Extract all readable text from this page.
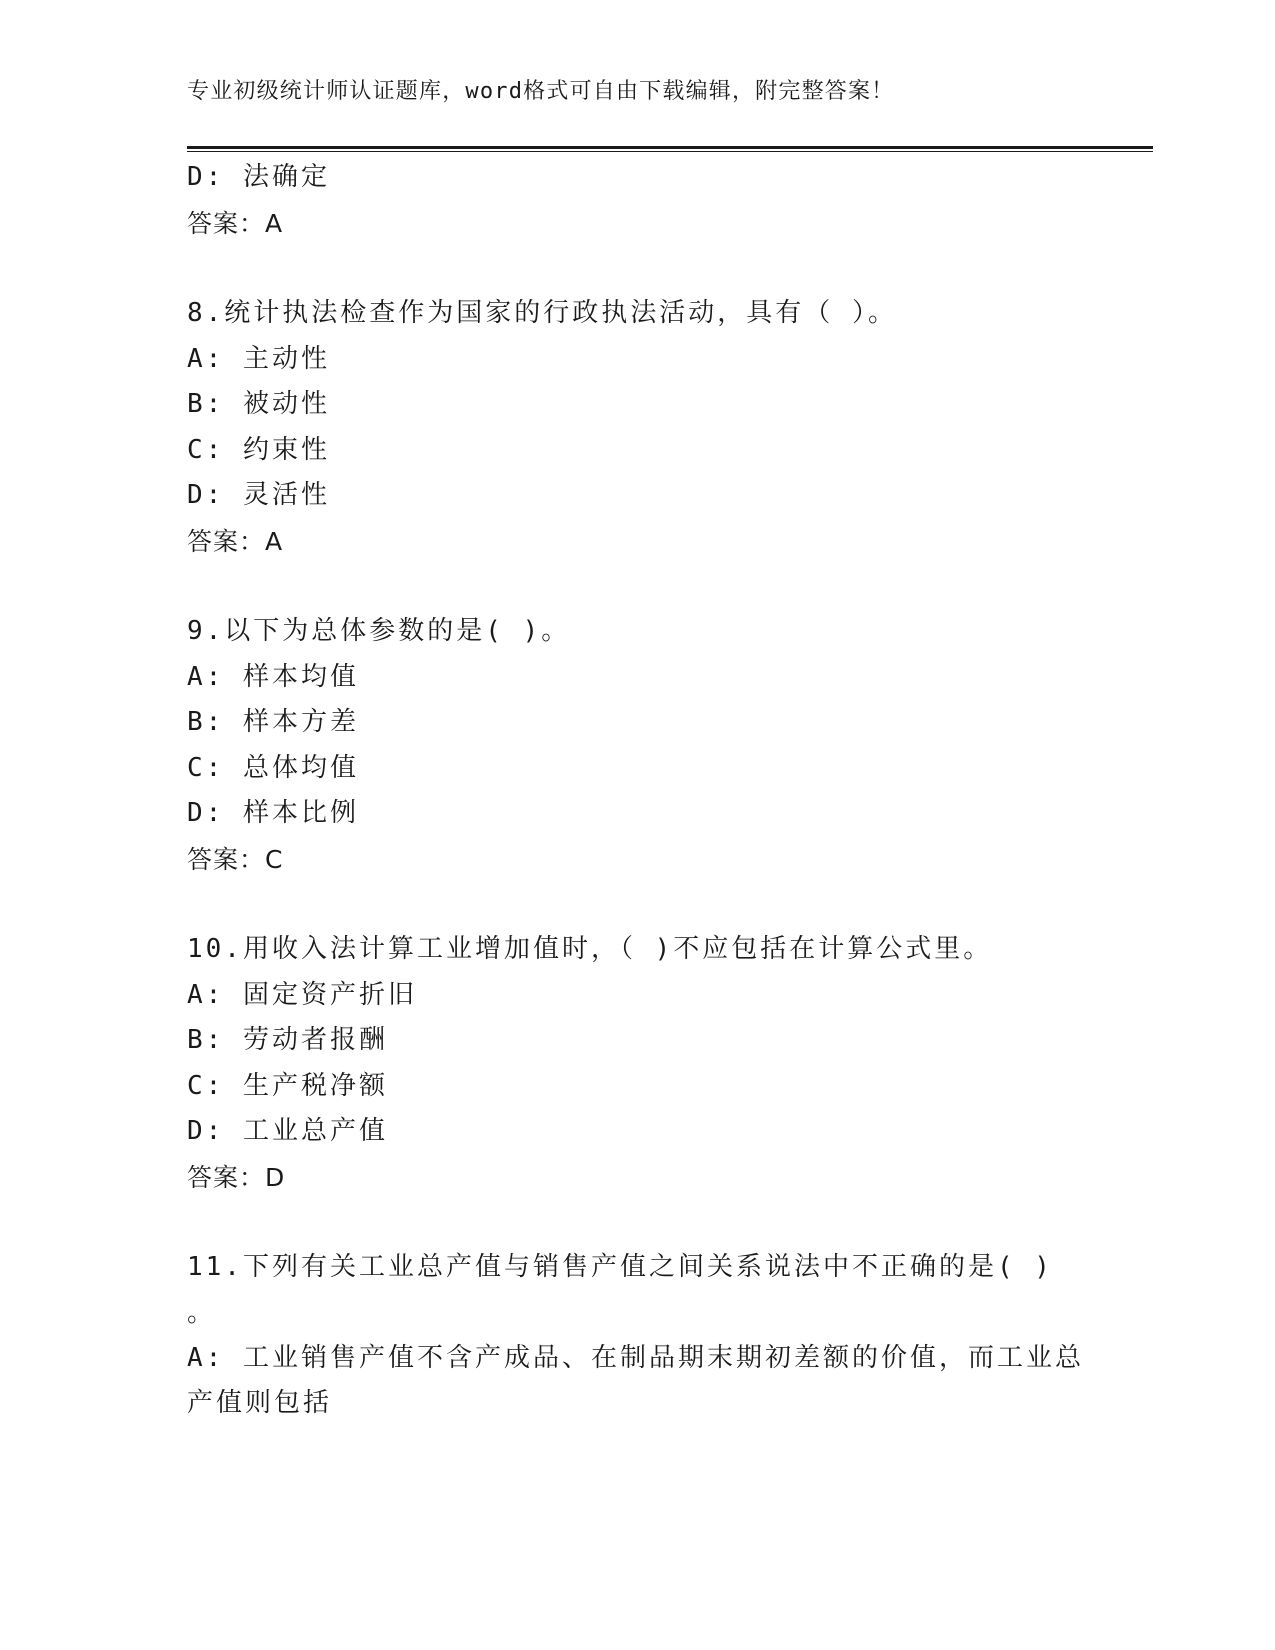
专业初级统计师认证题库，word格式可自由下载编辑，附完整答案！
D: 法确定
答案：A
8.统计执法检查作为国家的行政执法活动，具有（ ）。
A: 主动性
B: 被动性
C: 约束性
D: 灵活性
答案：A
9.以下为总体参数的是( )。
A: 样本均值
B: 样本方差
C: 总体均值
D: 样本比例
答案：C
10.用收入法计算工业增加值时，（ )不应包括在计算公式里。
A: 固定资产折旧
B: 劳动者报酬
C: 生产税净额
D: 工业总产值
答案：D
11.下列有关工业总产值与销售产值之间关系说法中不正确的是( )
。
A: 工业销售产值不含产成品、在制品期末期初差额的价值，而工业总
产值则包括
